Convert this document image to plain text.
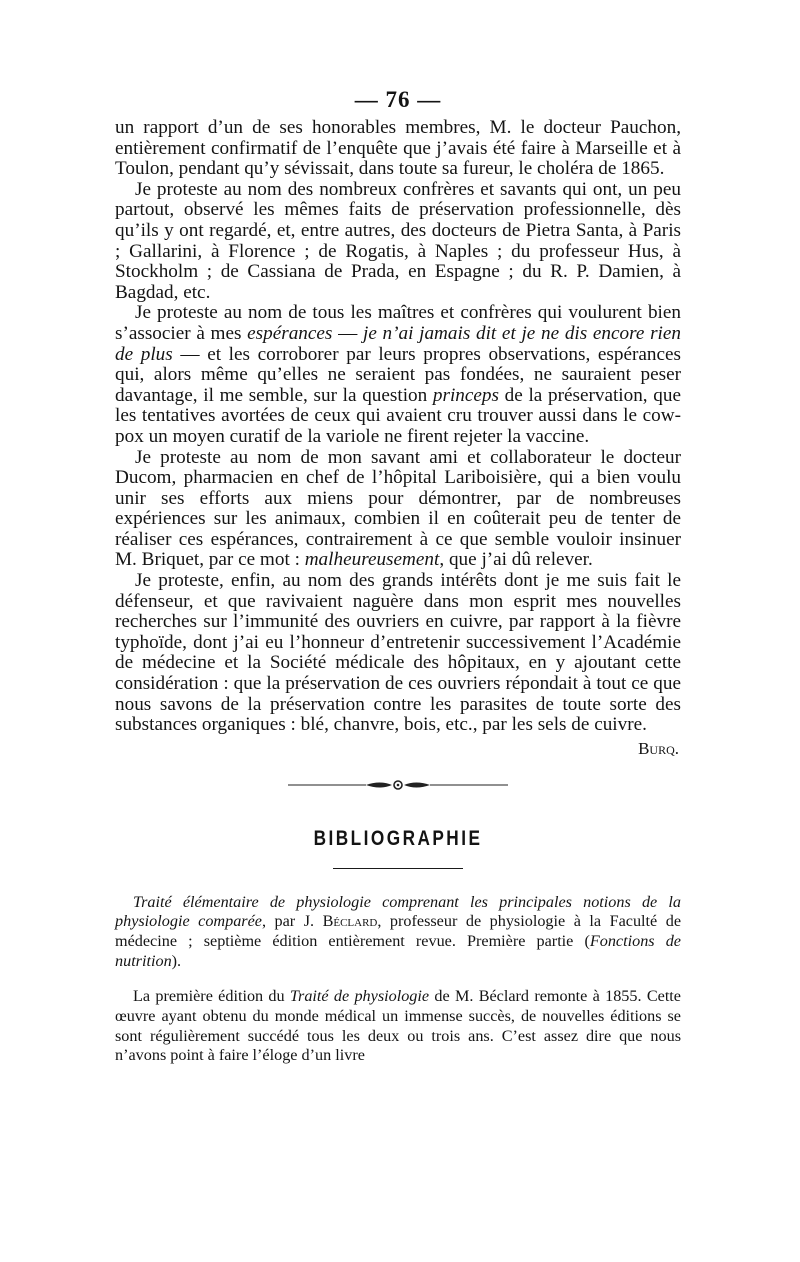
— 76 —

un rapport d’un de ses honorables membres, M. le docteur Pauchon, entièrement confirmatif de l’enquête que j’avais été faire à Marseille et à Toulon, pendant qu’y sévissait, dans toute sa fureur, le choléra de 1865.

Je proteste au nom des nombreux confrères et savants qui ont, un peu partout, observé les mêmes faits de préservation professionnelle, dès qu’ils y ont regardé, et, entre autres, des docteurs de Pietra Santa, à Paris ; Gallarini, à Florence ; de Rogatis, à Naples ; du professeur Hus, à Stockholm ; de Cassiana de Prada, en Espagne ; du R. P. Damien, à Bagdad, etc.

Je proteste au nom de tous les maîtres et confrères qui voulurent bien s’associer à mes espérances — je n’ai jamais dit et je ne dis encore rien de plus — et les corroborer par leurs propres observations, espérances qui, alors même qu’elles ne seraient pas fondées, ne sauraient peser davantage, il me semble, sur la question princeps de la préservation, que les tentatives avortées de ceux qui avaient cru trouver aussi dans le cow-pox un moyen curatif de la variole ne firent rejeter la vaccine.

Je proteste au nom de mon savant ami et collaborateur le docteur Ducom, pharmacien en chef de l’hôpital Lariboisière, qui a bien voulu unir ses efforts aux miens pour démontrer, par de nombreuses expériences sur les animaux, combien il en coûterait peu de tenter de réaliser ces espérances, contrairement à ce que semble vouloir insinuer M. Briquet, par ce mot : malheureusement, que j’ai dû relever.

Je proteste, enfin, au nom des grands intérêts dont je me suis fait le défenseur, et que ravivaient naguère dans mon esprit mes nouvelles recherches sur l’immunité des ouvriers en cuivre, par rapport à la fièvre typhoïde, dont j’ai eu l’honneur d’entretenir successivement l’Académie de médecine et la Société médicale des hôpitaux, en y ajoutant cette considération : que la préservation de ces ouvriers répondait à tout ce que nous savons de la préservation contre les parasites de toute sorte des substances organiques : blé, chanvre, bois, etc., par les sels de cuivre.

Burq.
BIBLIOGRAPHIE

Traité élémentaire de physiologie comprenant les principales notions de la physiologie comparée, par J. Béclard, professeur de physiologie à la Faculté de médecine ; septième édition entièrement revue. Première partie (Fonctions de nutrition).

La première édition du Traité de physiologie de M. Béclard remonte à 1855. Cette œuvre ayant obtenu du monde médical un immense succès, de nouvelles éditions se sont régulièrement succédé tous les deux ou trois ans. C’est assez dire que nous n’avons point à faire l’éloge d’un livre
